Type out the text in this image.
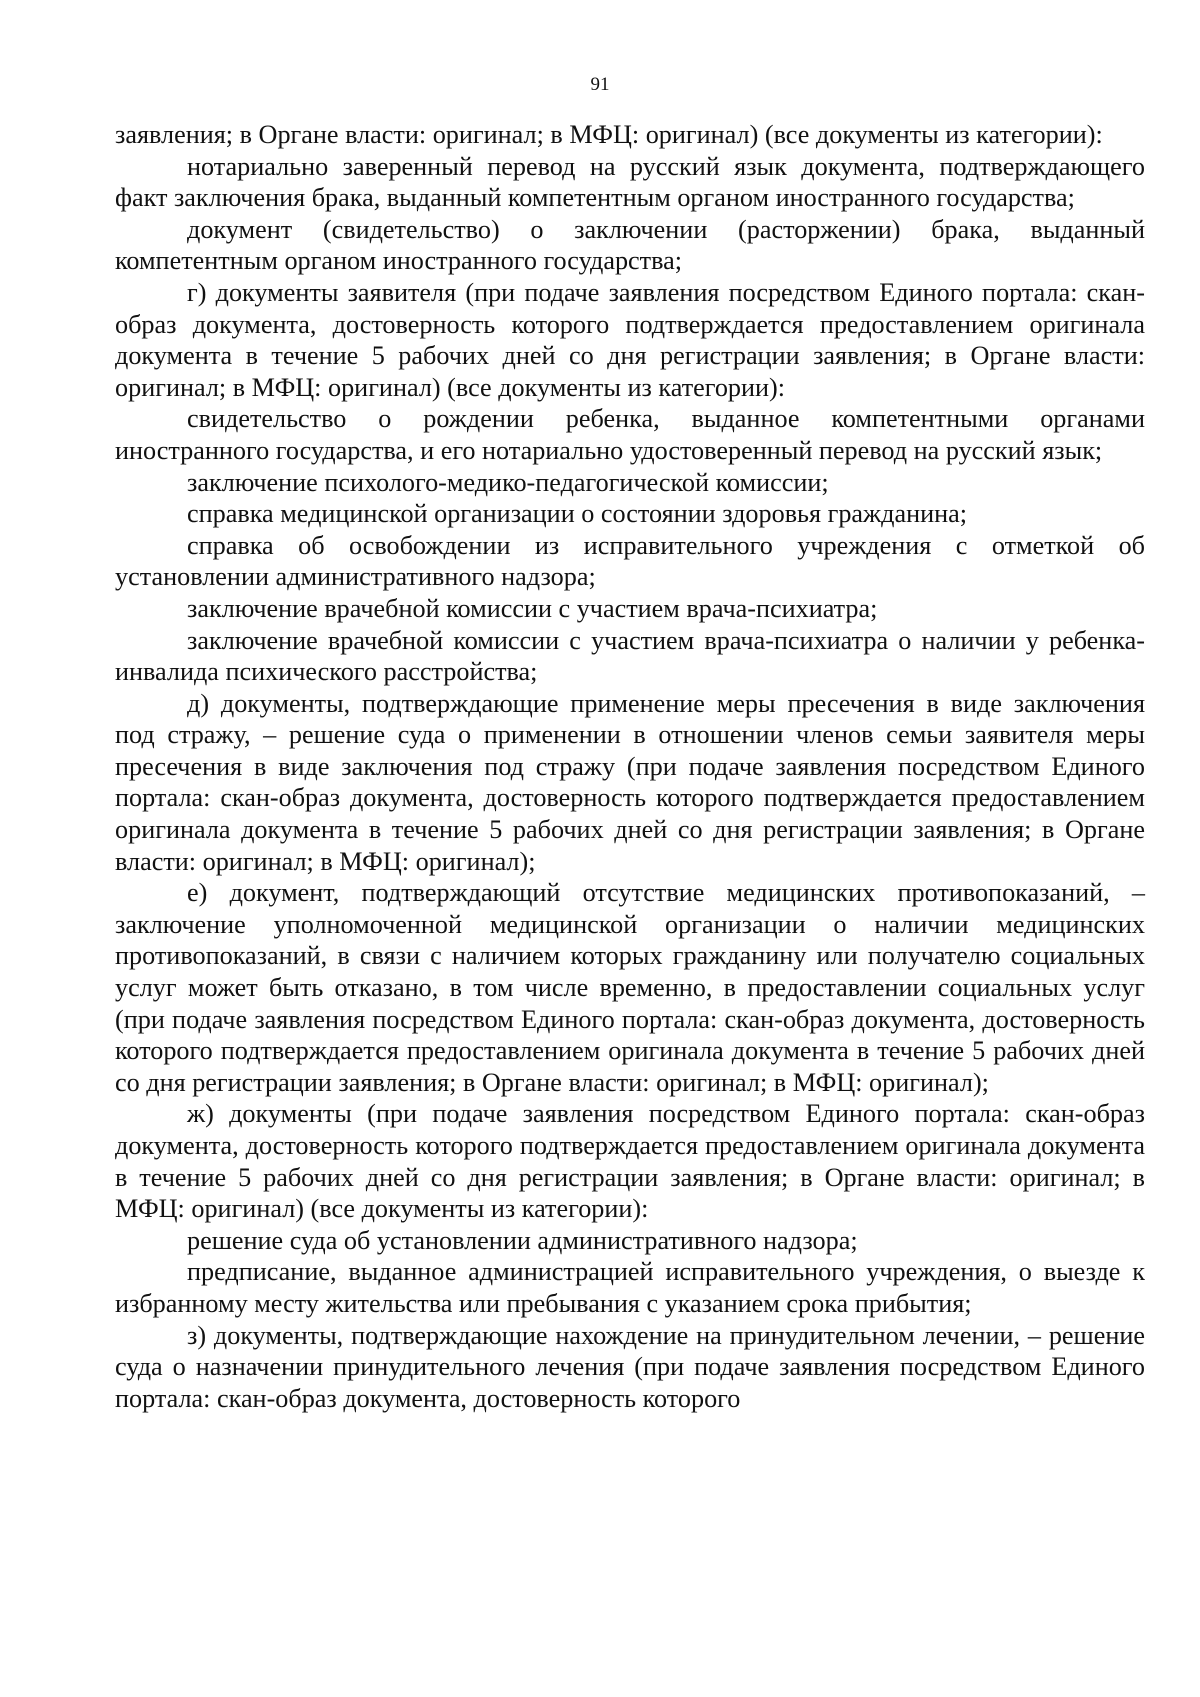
91

заявления; в Органе власти: оригинал; в МФЦ: оригинал) (все документы из категории):

нотариально заверенный перевод на русский язык документа, подтверждающего факт заключения брака, выданный компетентным органом иностранного государства;

документ (свидетельство) о заключении (расторжении) брака, выданный компетентным органом иностранного государства;

г) документы заявителя (при подаче заявления посредством Единого портала: скан-образ документа, достоверность которого подтверждается предоставлением оригинала документа в течение 5 рабочих дней со дня регистрации заявления; в Органе власти: оригинал; в МФЦ: оригинал) (все документы из категории):

свидетельство о рождении ребенка, выданное компетентными органами иностранного государства, и его нотариально удостоверенный перевод на русский язык;

заключение психолого-медико-педагогической комиссии;

справка медицинской организации о состоянии здоровья гражданина;

справка об освобождении из исправительного учреждения с отметкой об установлении административного надзора;

заключение врачебной комиссии с участием врача-психиатра;

заключение врачебной комиссии с участием врача-психиатра о наличии у ребенка-инвалида психического расстройства;

д) документы, подтверждающие применение меры пресечения в виде заключения под стражу, – решение суда о применении в отношении членов семьи заявителя меры пресечения в виде заключения под стражу (при подаче заявления посредством Единого портала: скан-образ документа, достоверность которого подтверждается предоставлением оригинала документа в течение 5 рабочих дней со дня регистрации заявления; в Органе власти: оригинал; в МФЦ: оригинал);

е) документ, подтверждающий отсутствие медицинских противопоказаний, – заключение уполномоченной медицинской организации о наличии медицинских противопоказаний, в связи с наличием которых гражданину или получателю социальных услуг может быть отказано, в том числе временно, в предоставлении социальных услуг (при подаче заявления посредством Единого портала: скан-образ документа, достоверность которого подтверждается предоставлением оригинала документа в течение 5 рабочих дней со дня регистрации заявления; в Органе власти: оригинал; в МФЦ: оригинал);

ж) документы (при подаче заявления посредством Единого портала: скан-образ документа, достоверность которого подтверждается предоставлением оригинала документа в течение 5 рабочих дней со дня регистрации заявления; в Органе власти: оригинал; в МФЦ: оригинал) (все документы из категории):

решение суда об установлении административного надзора;

предписание, выданное администрацией исправительного учреждения, о выезде к избранному месту жительства или пребывания с указанием срока прибытия;

з) документы, подтверждающие нахождение на принудительном лечении, – решение суда о назначении принудительного лечения (при подаче заявления посредством Единого портала: скан-образ документа, достоверность которого
